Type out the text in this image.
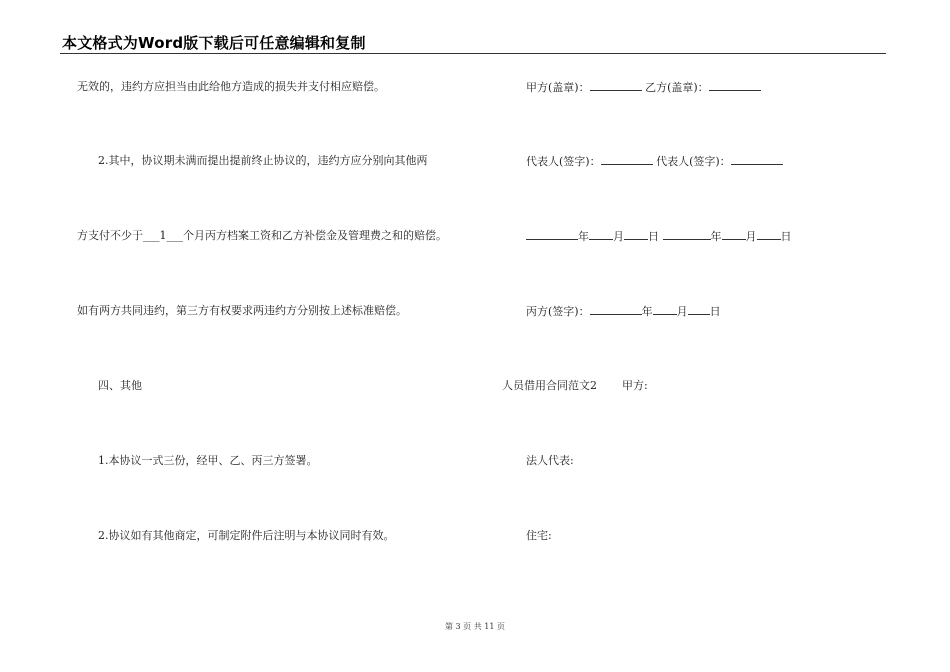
本文格式为Word版下载后可任意编辑和复制
无效的，违约方应担当由此给他方造成的损失并支付相应赔偿。
2.其中，协议期未满而提出提前终止协议的，违约方应分别向其他两
方支付不少于___1___个月丙方档案工资和乙方补偿金及管理费之和的赔偿。
如有两方共同违约，第三方有权要求两违约方分别按上述标准赔偿。
四、其他
1.本协议一式三份，经甲、乙、丙三方签署。
2.协议如有其他商定，可制定附件后注明与本协议同时有效。
甲方(盖章)：	乙方(盖章)：
代表人(签字)：	代表人(签字)：
年 月 日	年 月 日
丙方(签字)：	年 月 日
人员借用合同范文2 甲方:
法人代表:
住宅:
第 3 页 共 11 页
